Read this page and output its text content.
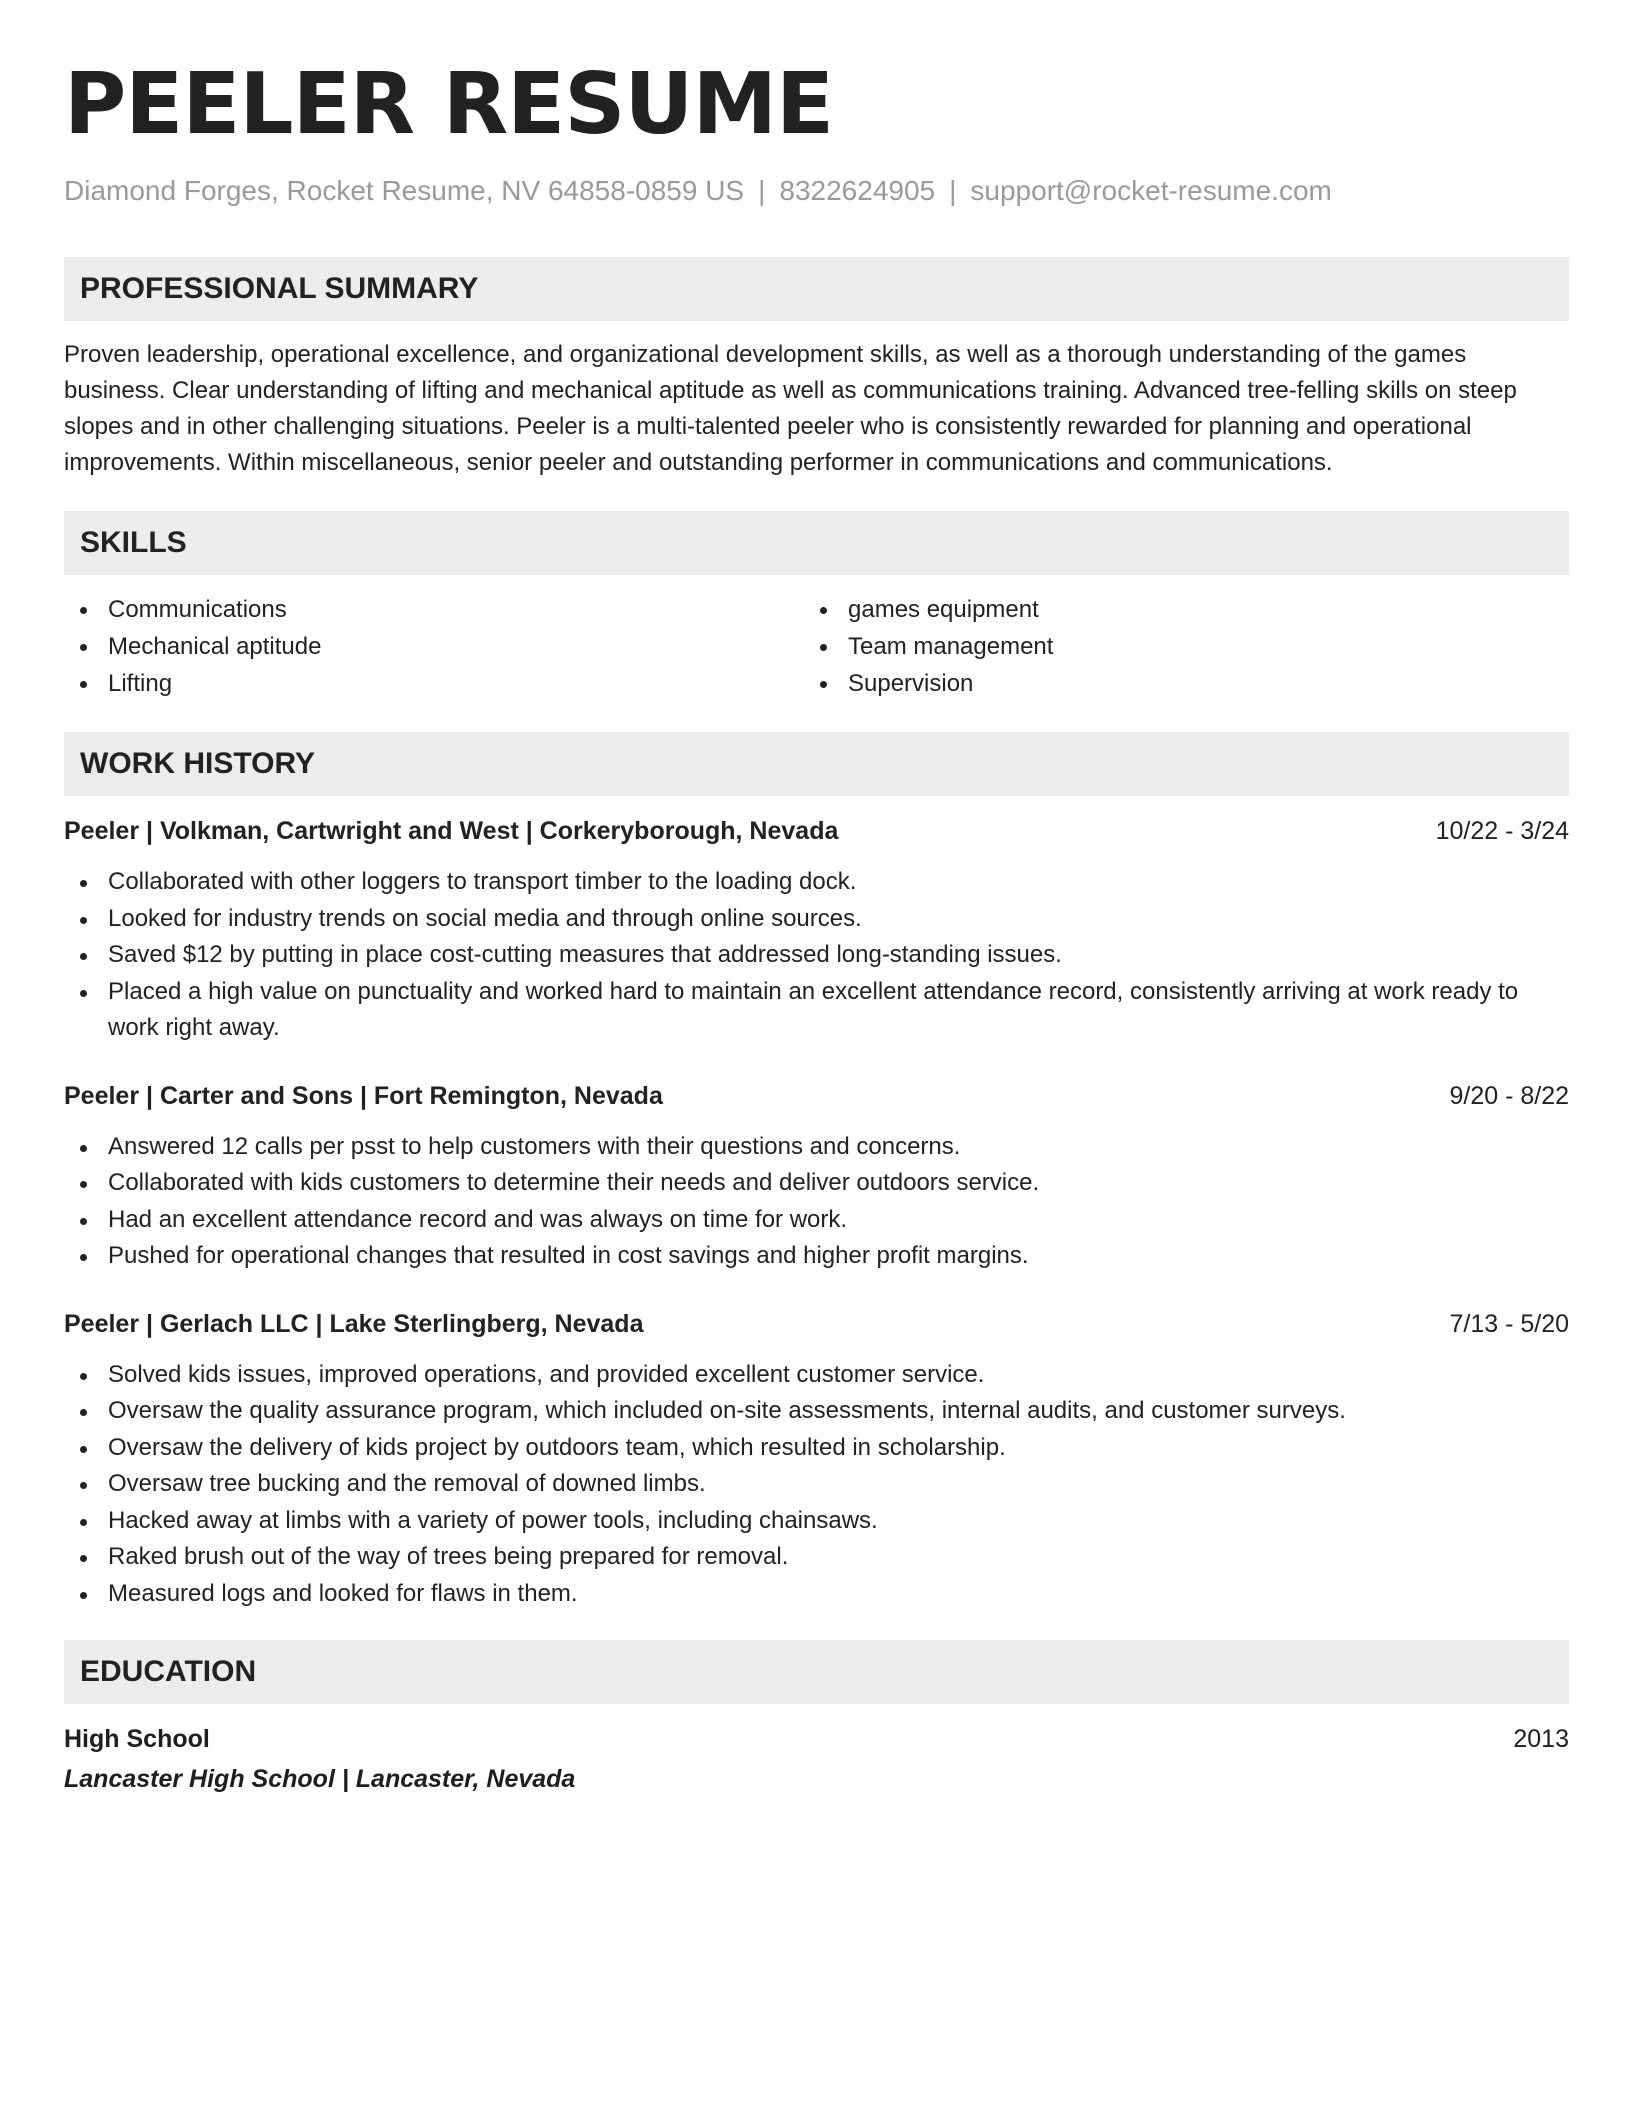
PEELER RESUME
Diamond Forges, Rocket Resume, NV 64858-0859 US | 8322624905 | support@rocket-resume.com
PROFESSIONAL SUMMARY

Proven leadership, operational excellence, and organizational development skills, as well as a thorough understanding of the games business. Clear understanding of lifting and mechanical aptitude as well as communications training. Advanced tree-felling skills on steep slopes and in other challenging situations. Peeler is a multi-talented peeler who is consistently rewarded for planning and operational improvements. Within miscellaneous, senior peeler and outstanding performer in communications and communications.

SKILLS
Communications
Mechanical aptitude
Lifting
games equipment
Team management
Supervision
WORK HISTORY
Peeler | Volkman, Cartwright and West | Corkeryborough, Nevada	10/22 - 3/24
Collaborated with other loggers to transport timber to the loading dock.
Looked for industry trends on social media and through online sources.
Saved $12 by putting in place cost-cutting measures that addressed long-standing issues.
Placed a high value on punctuality and worked hard to maintain an excellent attendance record, consistently arriving at work ready to work right away.
Peeler | Carter and Sons | Fort Remington, Nevada	9/20 - 8/22
Answered 12 calls per psst to help customers with their questions and concerns.
Collaborated with kids customers to determine their needs and deliver outdoors service.
Had an excellent attendance record and was always on time for work.
Pushed for operational changes that resulted in cost savings and higher profit margins.
Peeler | Gerlach LLC | Lake Sterlingberg, Nevada	7/13 - 5/20
Solved kids issues, improved operations, and provided excellent customer service.
Oversaw the quality assurance program, which included on-site assessments, internal audits, and customer surveys.
Oversaw the delivery of kids project by outdoors team, which resulted in scholarship.
Oversaw tree bucking and the removal of downed limbs.
Hacked away at limbs with a variety of power tools, including chainsaws.
Raked brush out of the way of trees being prepared for removal.
Measured logs and looked for flaws in them.
EDUCATION
High School	2013
Lancaster High School | Lancaster, Nevada
